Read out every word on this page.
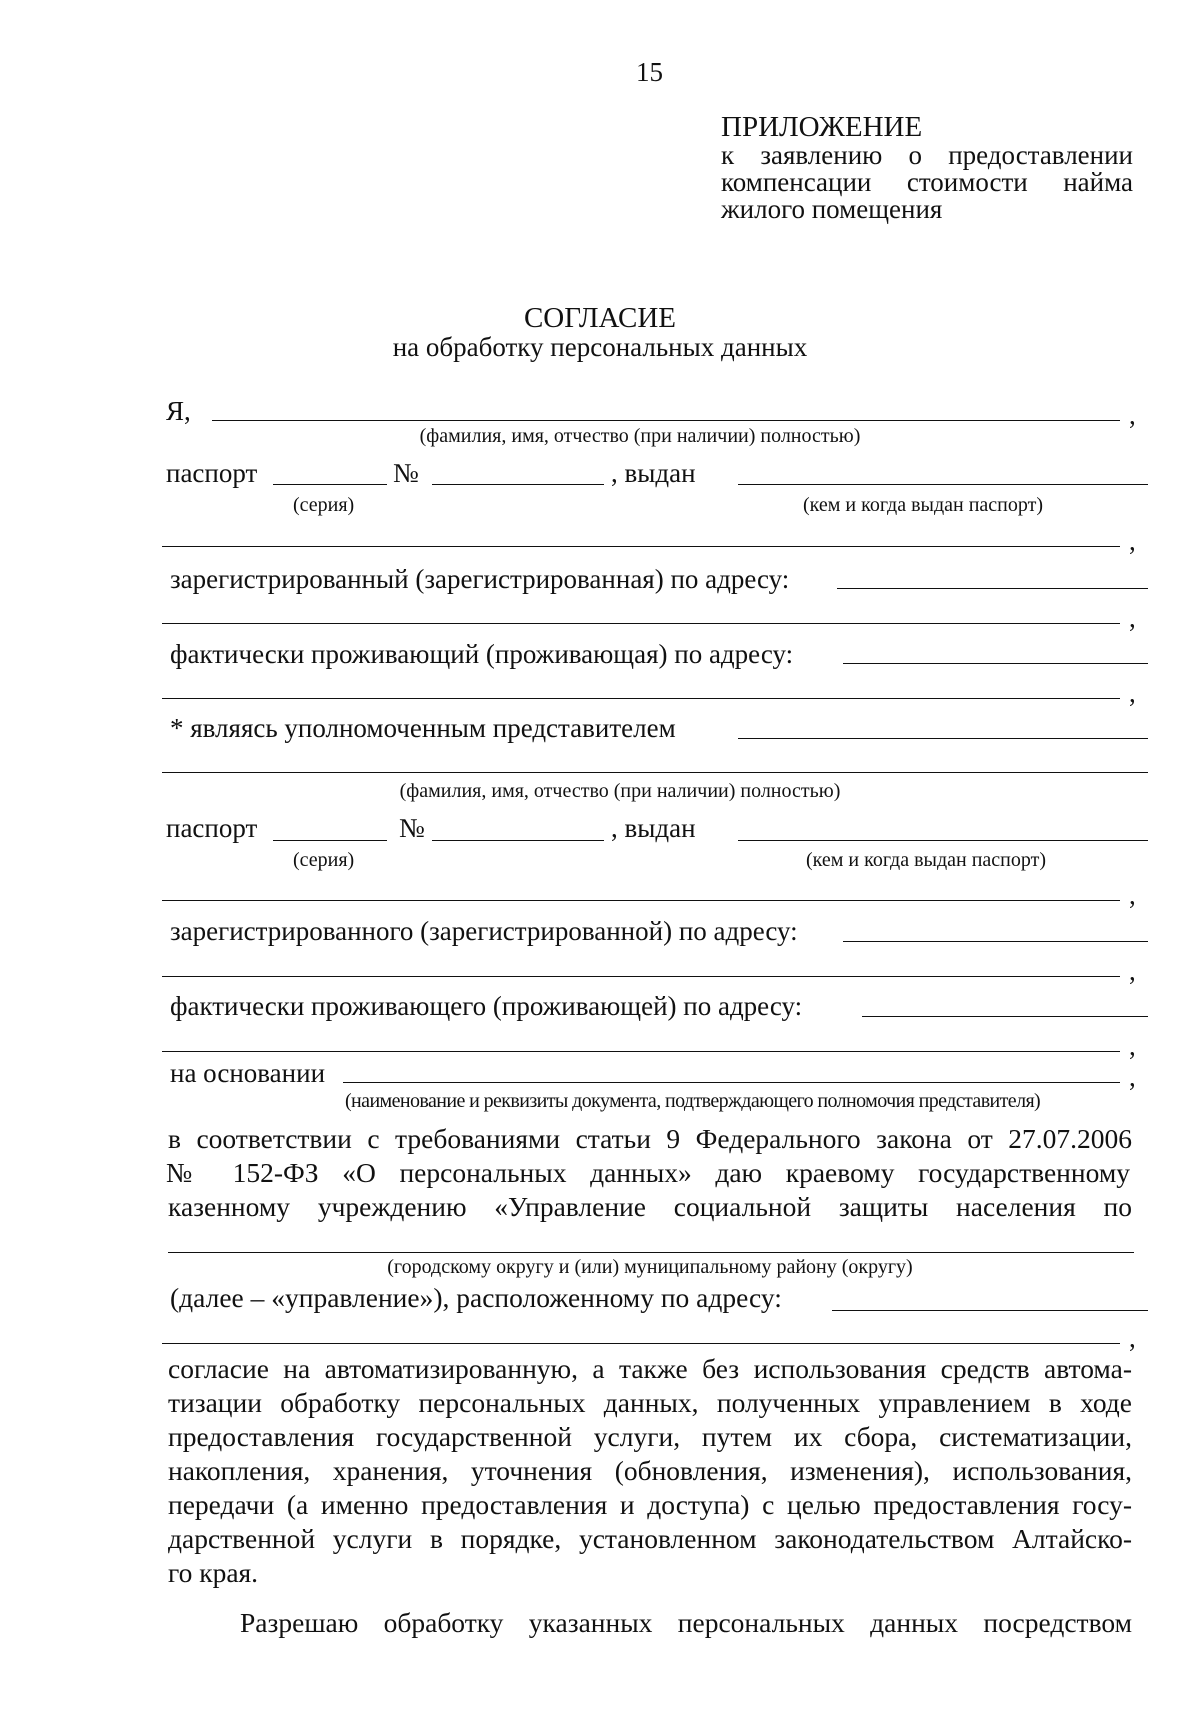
15
ПРИЛОЖЕНИЕ
к заявлению о предоставлении
компенсации стоимости найма
жилого помещения
СОГЛАСИЕ
на обработку персональных данных
Я,	,
(фамилия, имя, отчество (при наличии) полностью)
паспорт	№	, выдан
(серия)	(кем и когда выдан паспорт)
,
зарегистрированный (зарегистрированная) по адресу:
,
фактически проживающий (проживающая) по адресу:
,
* являясь уполномоченным представителем
(фамилия, имя, отчество (при наличии) полностью)
паспорт	№	, выдан
(серия)	(кем и когда выдан паспорт)
,
зарегистрированного (зарегистрированной) по адресу:
,
фактически проживающего (проживающей) по адресу:
,
на основании	,
(наименование и реквизиты документа, подтверждающего полномочия представителя)
в соответствии с требованиями статьи 9 Федерального закона от 27.07.2006
№ 152-ФЗ «О персональных данных» даю краевому государственному
казенному учреждению «Управление социальной защиты населения по
(городскому округу и (или) муниципальному району (округу)
(далее – «управление»), расположенному по адресу:
,
согласие на автоматизированную, а также без использования средств автома-
тизации обработку персональных данных, полученных управлением в ходе
предоставления государственной услуги, путем их сбора, систематизации,
накопления, хранения, уточнения (обновления, изменения), использования,
передачи (а именно предоставления и доступа) с целью предоставления госу-
дарственной услуги в порядке, установленном законодательством Алтайско-
го края.
Разрешаю обработку указанных персональных данных посредством
